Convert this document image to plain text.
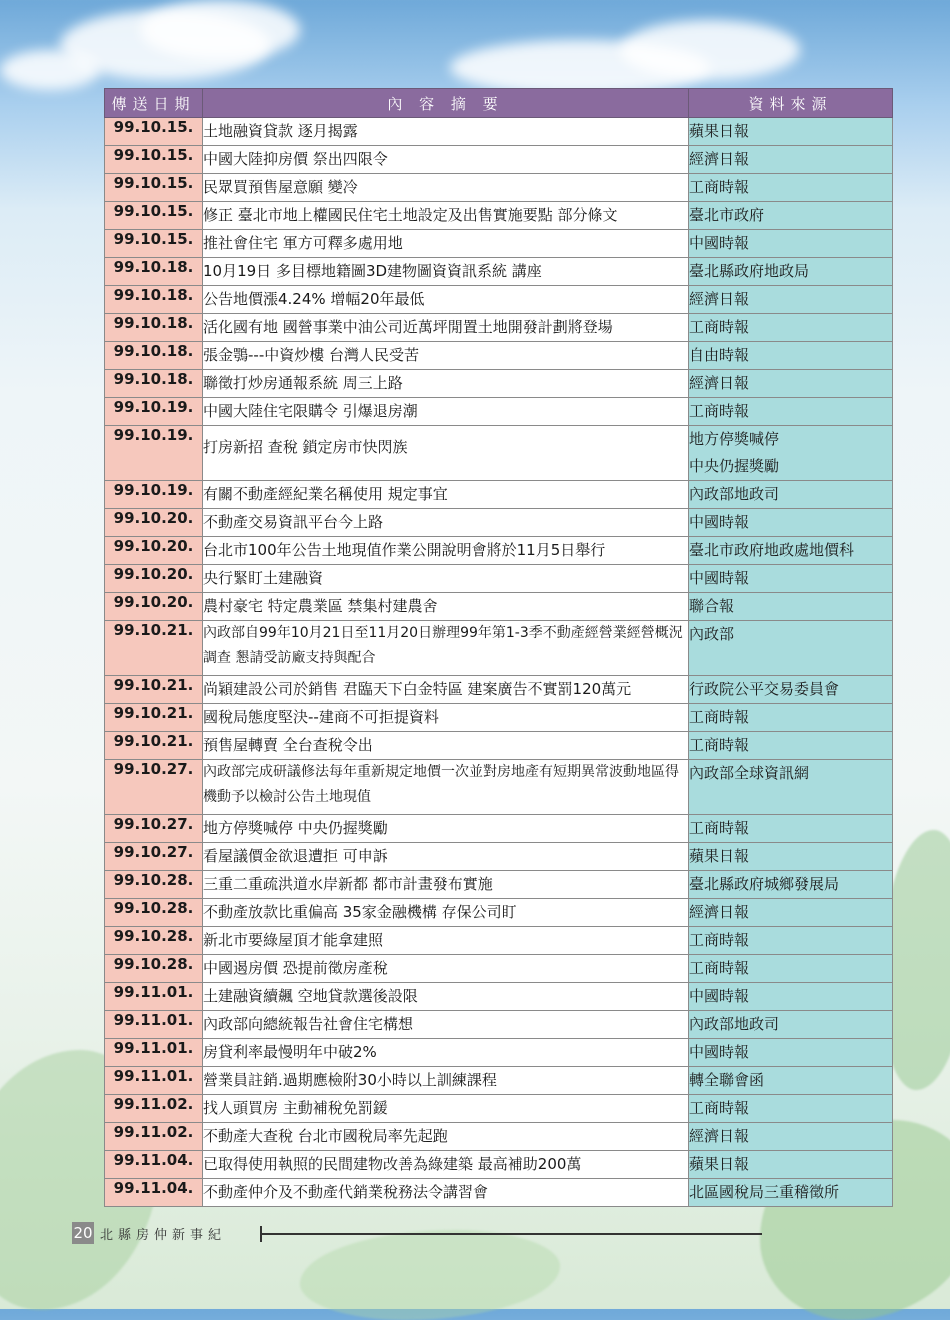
傳送日期	內 容 摘 要	資料來源
99.10.15.	土地融資貸款 逐月揭露	蘋果日報

99.10.15.	中國大陸抑房價 祭出四限令	經濟日報

99.10.15.	民眾買預售屋意願 變冷	工商時報

99.10.15.	修正 臺北市地上權國民住宅土地設定及出售實施要點 部分條文	臺北市政府

99.10.15.	推社會住宅 軍方可釋多處用地	中國時報

99.10.18.	10月19日 多目標地籍圖3D建物圖資資訊系統 講座	臺北縣政府地政局

99.10.18.	公告地價漲4.24% 增幅20年最低	經濟日報

99.10.18.	活化國有地 國營事業中油公司近萬坪閒置土地開發計劃將登場	工商時報

99.10.18.	張金鶚---中資炒樓 台灣人民受苦	自由時報

99.10.18.	聯徵打炒房通報系統 周三上路	經濟日報

99.10.19.	中國大陸住宅限購令 引爆退房潮	工商時報

99.10.19.	打房新招 查稅 鎖定房市快閃族	地方停獎喊停
中央仍握獎勵

99.10.19.	有關不動產經紀業名稱使用 規定事宜	內政部地政司

99.10.20.	不動產交易資訊平台今上路	中國時報

99.10.20.	台北市100年公告土地現值作業公開說明會將於11月5日舉行	臺北市政府地政處地價科

99.10.20.	央行緊盯土建融資	中國時報

99.10.20.	農村豪宅 特定農業區 禁集村建農舍	聯合報

99.10.21.	內政部自99年10月21日至11月20日辦理99年第1-3季不動產經營業經營概況調查 懇請受訪廠支持與配合	內政部

99.10.21.	尚穎建設公司於銷售 君臨天下白金特區 建案廣告不實罰120萬元	行政院公平交易委員會

99.10.21.	國稅局態度堅決--建商不可拒提資料	工商時報

99.10.21.	預售屋轉賣 全台查稅令出	工商時報

99.10.27.	內政部完成研議修法每年重新規定地價一次並對房地產有短期異常波動地區得機動予以檢討公告土地現值	內政部全球資訊網

99.10.27.	地方停獎喊停 中央仍握獎勵	工商時報

99.10.27.	看屋議價金欲退遭拒 可申訴	蘋果日報

99.10.28.	三重二重疏洪道水岸新都 都市計畫發布實施	臺北縣政府城鄉發展局

99.10.28.	不動產放款比重偏高 35家金融機構 存保公司盯	經濟日報

99.10.28.	新北市要綠屋頂才能拿建照	工商時報

99.10.28.	中國遏房價 恐提前徵房產稅	工商時報

99.11.01.	土建融資續飆 空地貸款選後設限	中國時報

99.11.01.	內政部向總統報告社會住宅構想	內政部地政司

99.11.01.	房貸利率最慢明年中破2%	中國時報

99.11.01.	營業員註銷.過期應檢附30小時以上訓練課程	轉全聯會函

99.11.02.	找人頭買房 主動補稅免罰鍰	工商時報

99.11.02.	不動產大查稅 台北市國稅局率先起跑	經濟日報

99.11.04.	已取得使用執照的民間建物改善為綠建築 最高補助200萬	蘋果日報

99.11.04.	不動產仲介及不動產代銷業稅務法令講習會	北區國稅局三重稽徵所
20 北縣房仲新事紀
